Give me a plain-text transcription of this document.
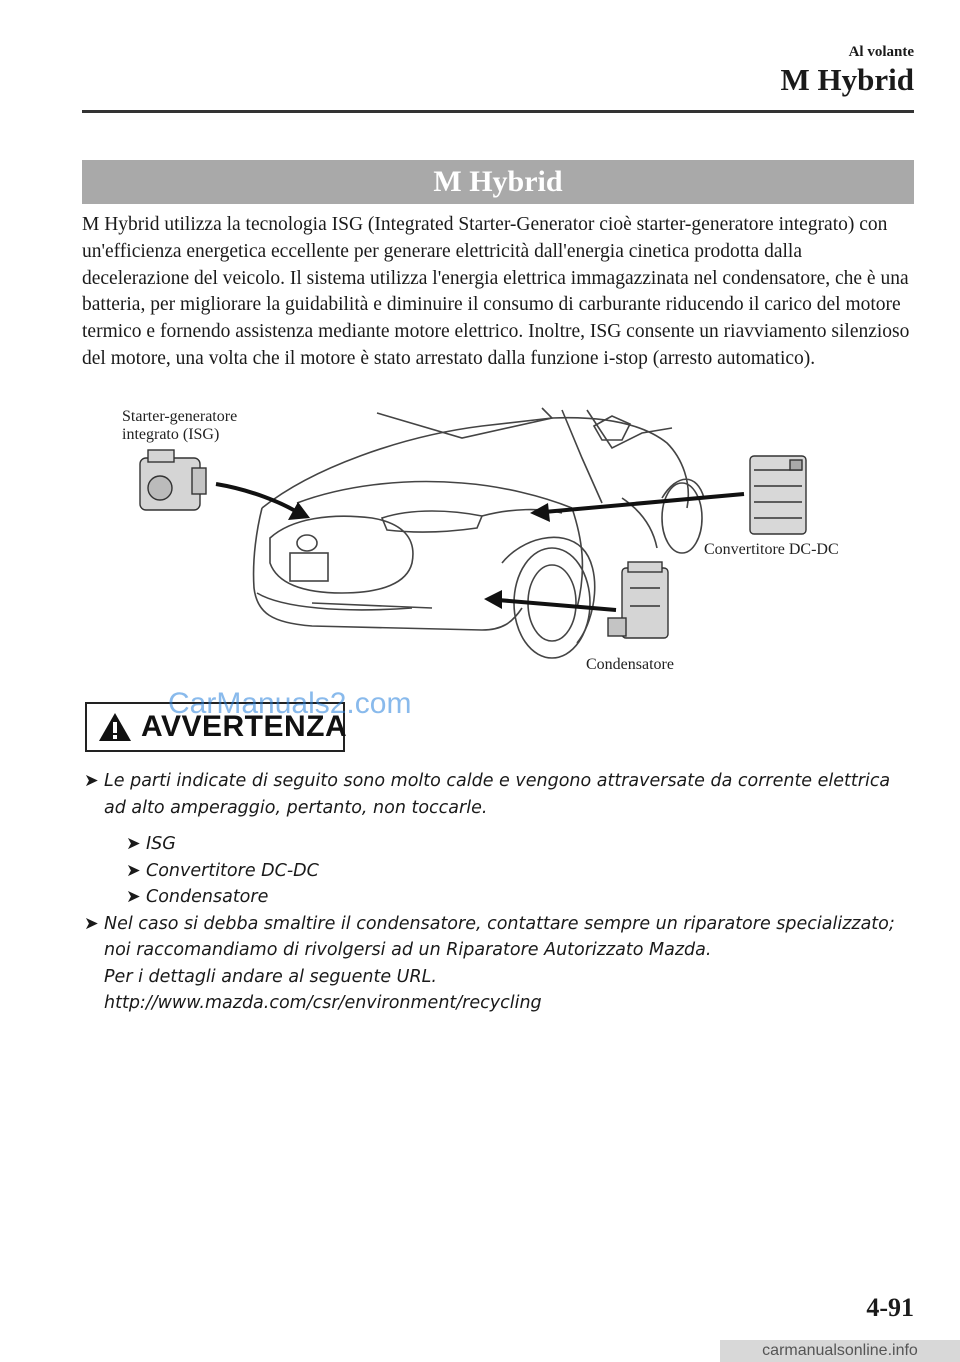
Al volante
M Hybrid
M Hybrid

M Hybrid utilizza la tecnologia ISG (Integrated Starter-Generator cioè starter-generatore integrato) con un'efficienza energetica eccellente per generare elettricità dall'energia cinetica prodotta dalla decelerazione del veicolo. Il sistema utilizza l'energia elettrica immagazzinata nel condensatore, che è una batteria, per migliorare la guidabilità e diminuire il consumo di carburante riducendo il carico del motore termico e fornendo assistenza mediante motore elettrico. Inoltre, ISG consente un riavviamento silenzioso del motore, una volta che il motore è stato arrestato dalla funzione i-stop (arresto automatico).

Starter-generatore
integrato (ISG)
Convertitore DC-DC
Condensatore
AVVERTENZA
CarManuals2.com
➤ Le parti indicate di seguito sono molto calde e vengono attraversate da corrente elettrica ad alto amperaggio, pertanto, non toccarle.
➤ ISG
➤ Convertitore DC-DC
➤ Condensatore
➤ Nel caso si debba smaltire il condensatore, contattare sempre un riparatore specializzato; noi raccomandiamo di rivolgersi ad un Riparatore Autorizzato Mazda.
Per i dettagli andare al seguente URL.
http://www.mazda.com/csr/environment/recycling
4-91
carmanualsonline.info
